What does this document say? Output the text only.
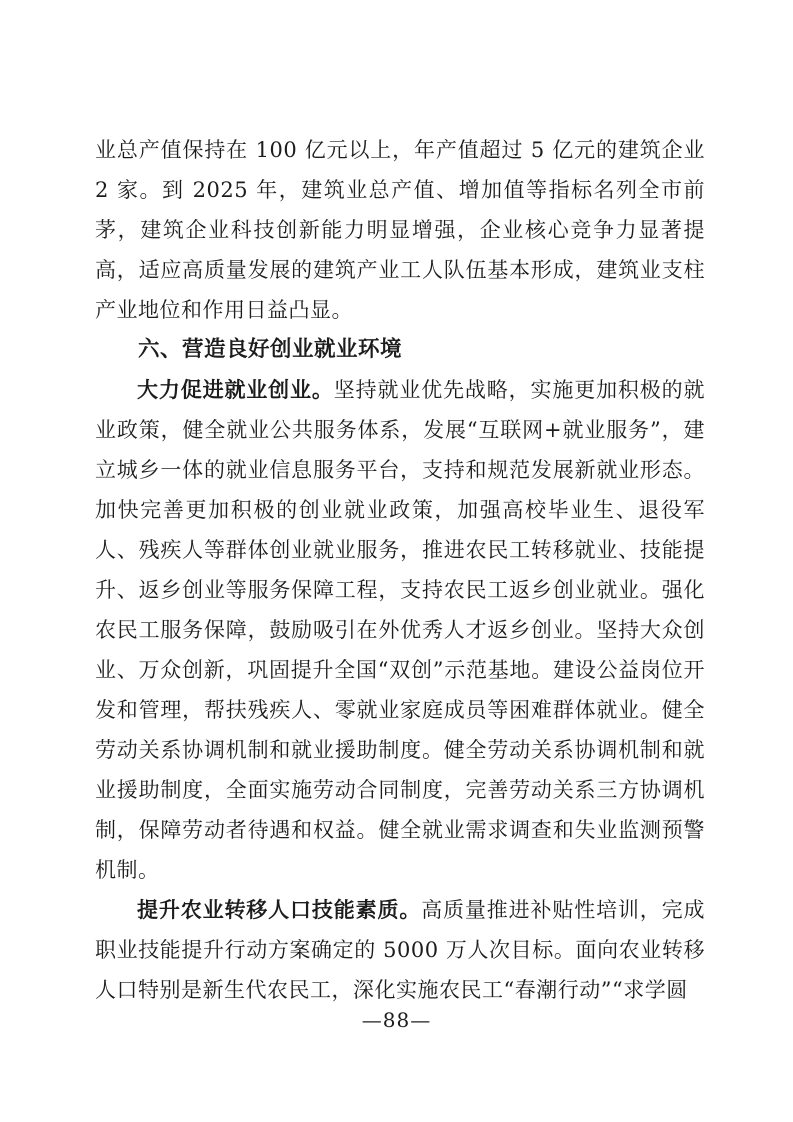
业总产值保持在 100 亿元以上，年产值超过 5 亿元的建筑企业 2 家。到 2025 年，建筑业总产值、增加值等指标名列全市前茅，建筑企业科技创新能力明显增强，企业核心竞争力显著提高，适应高质量发展的建筑产业工人队伍基本形成，建筑业支柱产业地位和作用日益凸显。

六、营造良好创业就业环境

大力促进就业创业。坚持就业优先战略，实施更加积极的就业政策，健全就业公共服务体系，发展“互联网+就业服务”，建立城乡一体的就业信息服务平台，支持和规范发展新就业形态。加快完善更加积极的创业就业政策，加强高校毕业生、退役军人、残疾人等群体创业就业服务，推进农民工转移就业、技能提升、返乡创业等服务保障工程，支持农民工返乡创业就业。强化农民工服务保障，鼓励吸引在外优秀人才返乡创业。坚持大众创业、万众创新，巩固提升全国“双创”示范基地。建设公益岗位开发和管理，帮扶残疾人、零就业家庭成员等困难群体就业。健全劳动关系协调机制和就业援助制度。健全劳动关系协调机制和就业援助制度，全面实施劳动合同制度，完善劳动关系三方协调机制，保障劳动者待遇和权益。健全就业需求调查和失业监测预警机制。

提升农业转移人口技能素质。高质量推进补贴性培训，完成职业技能提升行动方案确定的 5000 万人次目标。面向农业转移人口特别是新生代农民工，深化实施农民工“春潮行动”“求学圆

—88—
